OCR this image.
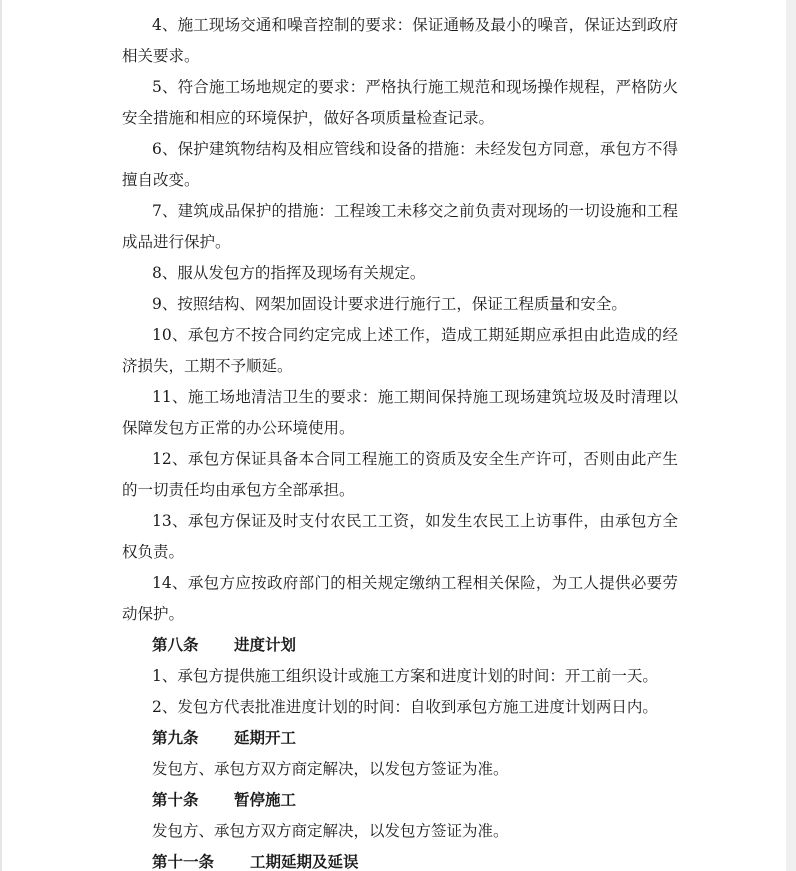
4、施工现场交通和噪音控制的要求：保证通畅及最小的噪音，保证达到政府相关要求。

5、符合施工场地规定的要求：严格执行施工规范和现场操作规程，严格防火安全措施和相应的环境保护，做好各项质量检查记录。

6、保护建筑物结构及相应管线和设备的措施：未经发包方同意，承包方不得擅自改变。

7、建筑成品保护的措施：工程竣工未移交之前负责对现场的一切设施和工程成品进行保护。

8、服从发包方的指挥及现场有关规定。

9、按照结构、网架加固设计要求进行施行工，保证工程质量和安全。

10、承包方不按合同约定完成上述工作，造成工期延期应承担由此造成的经济损失，工期不予顺延。

11、施工场地清洁卫生的要求：施工期间保持施工现场建筑垃圾及时清理以保障发包方正常的办公环境使用。

12、承包方保证具备本合同工程施工的资质及安全生产许可，否则由此产生的一切责任均由承包方全部承担。

13、承包方保证及时支付农民工工资，如发生农民工上访事件，由承包方全权负责。

14、承包方应按政府部门的相关规定缴纳工程相关保险，为工人提供必要劳动保护。

第八条 进度计划

1、承包方提供施工组织设计或施工方案和进度计划的时间：开工前一天。

2、发包方代表批准进度计划的时间：自收到承包方施工进度计划两日内。

第九条 延期开工

发包方、承包方双方商定解决，以发包方签证为准。

第十条 暂停施工

发包方、承包方双方商定解决，以发包方签证为准。

第十一条 工期延期及延误
